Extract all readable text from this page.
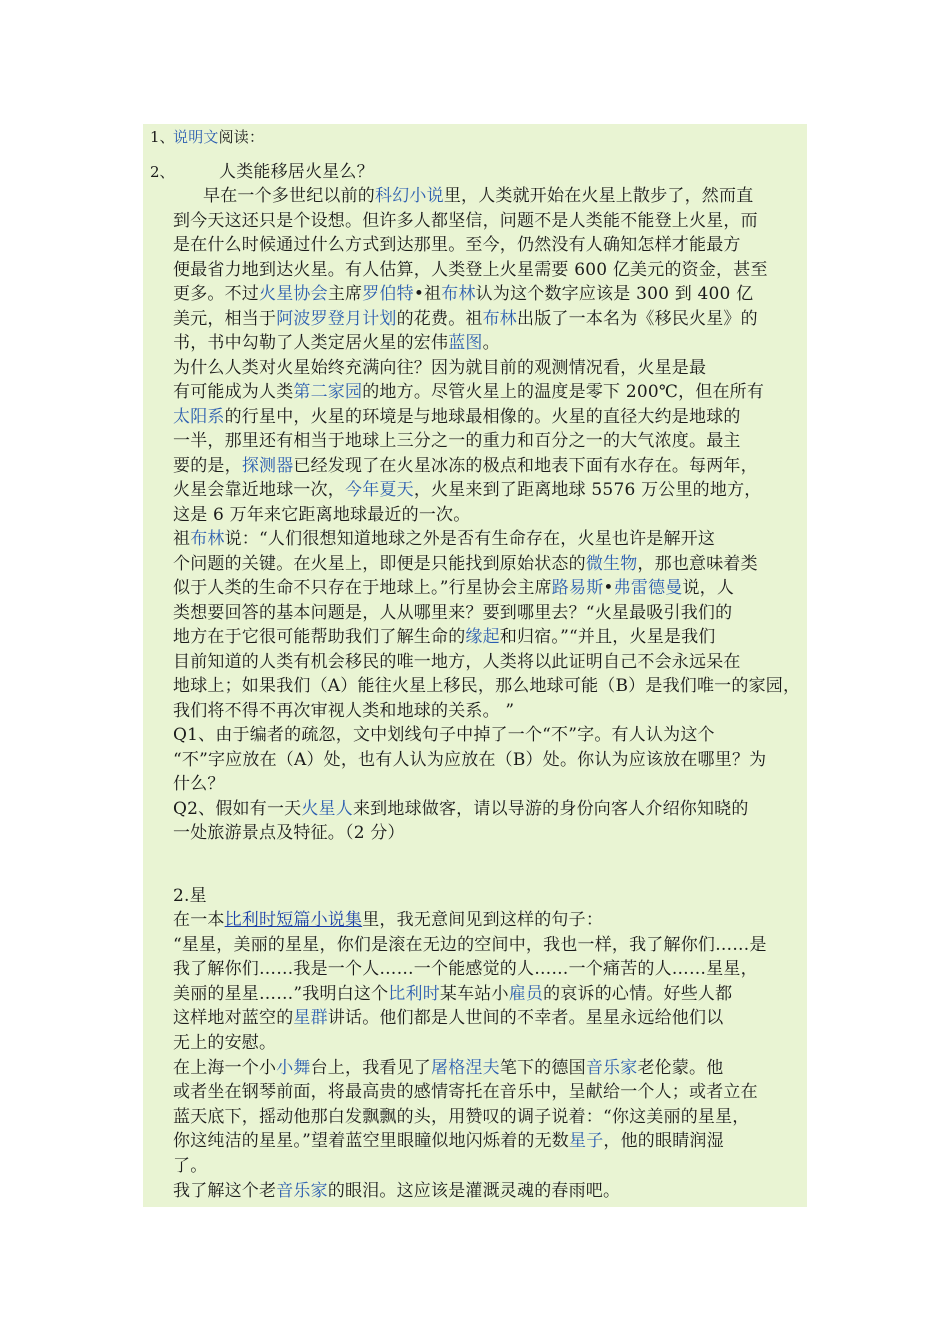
1、
说明文阅读：
2、	人类能移居火星么？
早在一个多世纪以前的科幻小说里，人类就开始在火星上散步了，然而直
到今天这还只是个设想。但许多人都坚信，问题不是人类能不能登上火星，而
是在什么时候通过什么方式到达那里。至今，仍然没有人确知怎样才能最方
便最省力地到达火星。有人估算，人类登上火星需要 600 亿美元的资金，甚至
更多。不过火星协会主席罗伯特•祖布林认为这个数字应该是 300 到 400 亿
美元，相当于阿波罗登月计划的花费。祖布林出版了一本名为《移民火星》的
书，书中勾勒了人类定居火星的宏伟蓝图。
为什么人类对火星始终充满向往？因为就目前的观测情况看，火星是最
有可能成为人类第二家园的地方。尽管火星上的温度是零下 200℃，但在所有
太阳系的行星中，火星的环境是与地球最相像的。火星的直径大约是地球的
一半，那里还有相当于地球上三分之一的重力和百分之一的大气浓度。最主
要的是，探测器已经发现了在火星冰冻的极点和地表下面有水存在。每两年，
火星会靠近地球一次，今年夏天，火星来到了距离地球 5576 万公里的地方，
这是 6 万年来它距离地球最近的一次。
祖布林说：“人们很想知道地球之外是否有生命存在，火星也许是解开这
个问题的关键。在火星上，即便是只能找到原始状态的微生物，那也意味着类
似于人类的生命不只存在于地球上。”行星协会主席路易斯•弗雷德曼说，人
类想要回答的基本问题是，人从哪里来？要到哪里去？“火星最吸引我们的
地方在于它很可能帮助我们了解生命的缘起和归宿。”“并且，火星是我们
目前知道的人类有机会移民的唯一地方，人类将以此证明自己不会永远呆在
地球上；如果我们（A）能往火星上移民，那么地球可能（B）是我们唯一的家园，
我们将不得不再次审视人类和地球的关系。 ”
Q1、由于编者的疏忽，文中划线句子中掉了一个“不”字。有人认为这个
“不”字应放在（A）处，也有人认为应放在（B）处。你认为应该放在哪里？为
什么？
Q2、假如有一天火星人来到地球做客，请以导游的身份向客人介绍你知晓的
一处旅游景点及特征。（2 分）
2.星
在一本比利时短篇小说集里，我无意间见到这样的句子：
“星星，美丽的星星，你们是滚在无边的空间中，我也一样，我了解你们……是
我了解你们……我是一个人……一个能感觉的人……一个痛苦的人……星星，
美丽的星星……”我明白这个比利时某车站小雇员的哀诉的心情。好些人都
这样地对蓝空的星群讲话。他们都是人世间的不幸者。星星永远给他们以
无上的安慰。
在上海一个小小舞台上，我看见了屠格涅夫笔下的德国音乐家老伦蒙。他
或者坐在钢琴前面，将最高贵的感情寄托在音乐中，呈献给一个人；或者立在
蓝天底下，摇动他那白发飘飘的头，用赞叹的调子说着：“你这美丽的星星，
你这纯洁的星星。”望着蓝空里眼瞳似地闪烁着的无数星子，他的眼睛润湿
了。
我了解这个老音乐家的眼泪。这应该是灌溉灵魂的春雨吧。
